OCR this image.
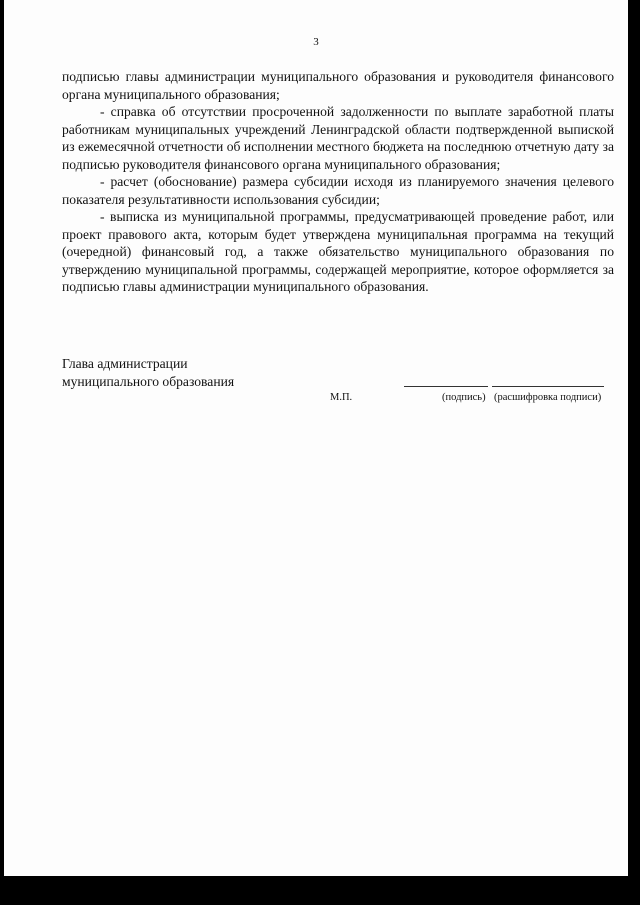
3

подписью главы администрации муниципального образования и руководителя финансового органа муниципального образования;

- справка об отсутствии просроченной задолженности по выплате заработной платы работникам муниципальных учреждений Ленинградской области подтвержденной выпиской из ежемесячной отчетности об исполнении местного бюджета на последнюю отчетную дату за подписью руководителя финансового органа муниципального образования;

- расчет (обоснование) размера субсидии исходя из планируемого значения целевого показателя результативности использования субсидии;

- выписка из муниципальной программы, предусматривающей проведение работ, или проект правового акта, которым будет утверждена муниципальная программа на текущий (очередной) финансовый год, а также обязательство муниципального образования по утверждению муниципальной программы, содержащей мероприятие, которое оформляется за подписью главы администрации муниципального образования.

Глава администрации
муниципального образования
М.П.	(подпись) (расшифровка подписи)
